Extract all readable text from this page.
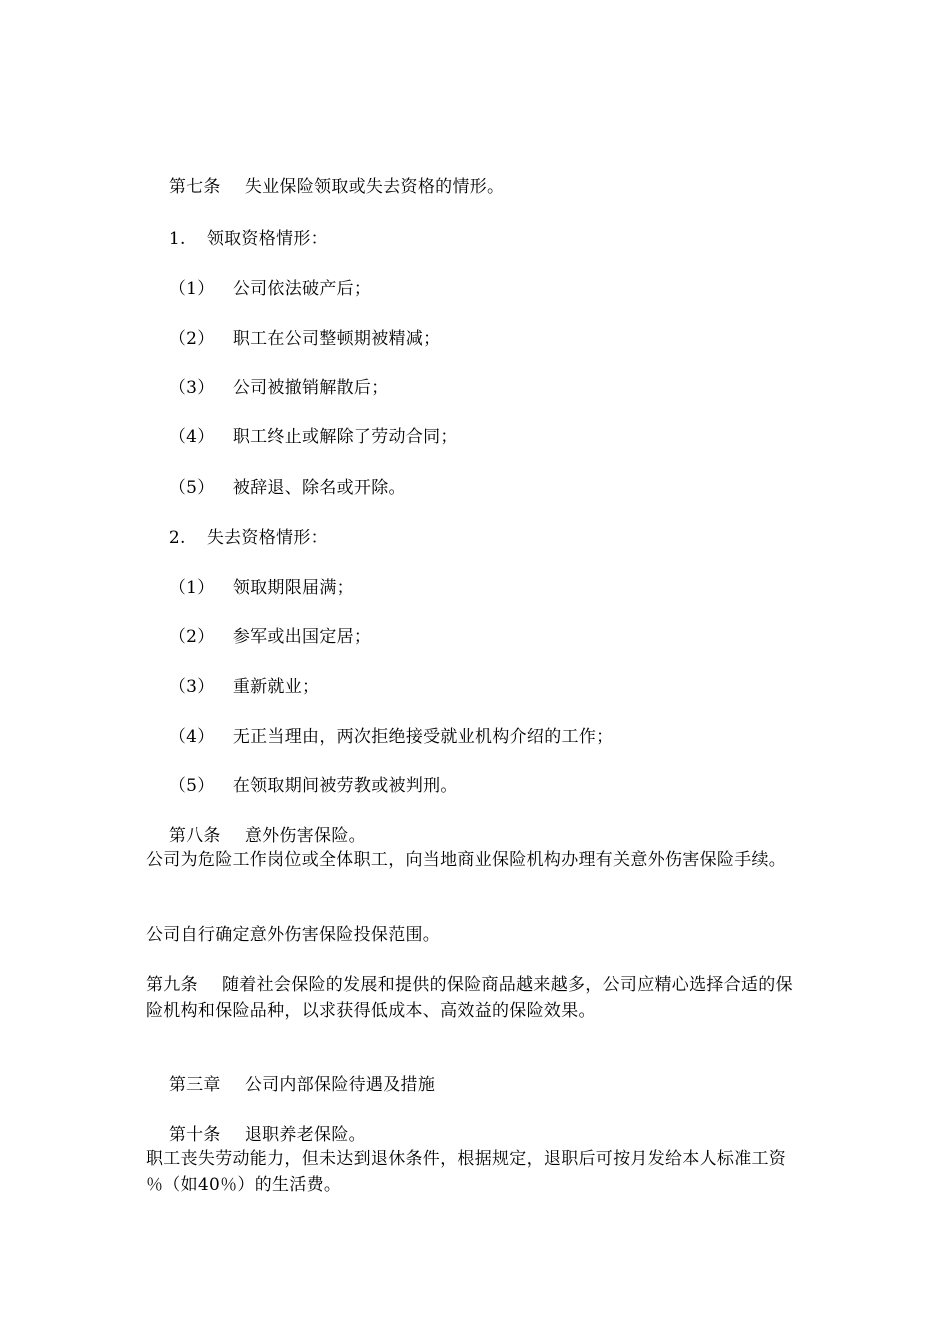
第七条 失业保险领取或失去资格的情形。

1. 领取资格情形：

（1） 公司依法破产后；

（2） 职工在公司整顿期被精减；

（3） 公司被撤销解散后；

（4） 职工终止或解除了劳动合同；

（5） 被辞退、除名或开除。

2. 失去资格情形：

（1） 领取期限届满；

（2） 参军或出国定居；

（3） 重新就业；

（4） 无正当理由，两次拒绝接受就业机构介绍的工作；

（5） 在领取期间被劳教或被判刑。

第八条 意外伤害保险。

公司为危险工作岗位或全体职工，向当地商业保险机构办理有关意外伤害保险手续。
公司自行确定意外伤害保险投保范围。
第九条 随着社会保险的发展和提供的保险商品越来越多，公司应精心选择合适的保险机构和保险品种，以求获得低成本、高效益的保险效果。

第三章 公司内部保险待遇及措施

第十条 退职养老保险。

职工丧失劳动能力，但未达到退休条件，根据规定，退职后可按月发给本人标准工资　％（如40％）的生活费。
